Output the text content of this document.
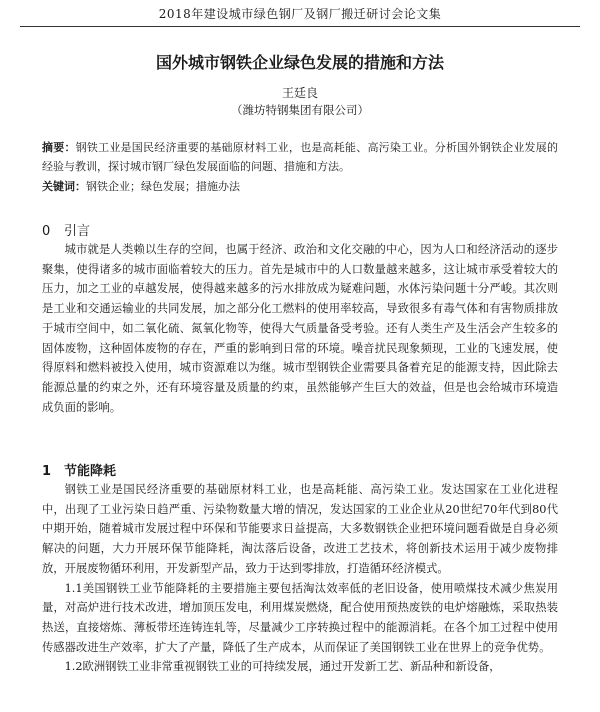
2018年建设城市绿色钢厂及钢厂搬迁研讨会论文集
国外城市钢铁企业绿色发展的措施和方法
王廷良
（潍坊特钢集团有限公司）
摘要：钢铁工业是国民经济重要的基础原材料工业，也是高耗能、高污染工业。分析国外钢铁企业发展的经验与教训，探讨城市钢厂绿色发展面临的问题、措施和方法。
关键词：钢铁企业；绿色发展；措施办法
0 引言

城市就是人类赖以生存的空间，也属于经济、政治和文化交融的中心，因为人口和经济活动的逐步聚集，使得诸多的城市面临着较大的压力。首先是城市中的人口数量越来越多，这让城市承受着较大的压力，加之工业的卓越发展，使得越来越多的污水排放成为疑难问题，水体污染问题十分严峻。其次则是工业和交通运输业的共同发展，加之部分化工燃料的使用率较高，导致很多有毒气体和有害物质排放于城市空间中，如二氧化硫、氮氧化物等，使得大气质量备受考验。还有人类生产及生活会产生较多的固体废物，这种固体废物的存在，严重的影响到日常的环境。噪音扰民现象频现，工业的飞速发展，使得原料和燃料被投入使用，城市资源难以为继。城市型钢铁企业需要具备着充足的能源支持，因此除去能源总量的约束之外，还有环境容量及质量的约束，虽然能够产生巨大的效益，但是也会给城市环境造成负面的影响。

1 节能降耗

钢铁工业是国民经济重要的基础原材料工业，也是高耗能、高污染工业。发达国家在工业化进程中，出现了工业污染日趋严重、污染物数量大增的情况，发达国家的工业企业从20世纪70年代到80代中期开始，随着城市发展过程中环保和节能要求日益提高，大多数钢铁企业把环境问题看做是自身必须解决的问题，大力开展环保节能降耗，淘汰落后设备，改进工艺技术，将创新技术运用于减少废物排放，开展废物循环利用，开发新型产品，致力于达到零排放，打造循环经济模式。

1.1美国钢铁工业节能降耗的主要措施主要包括淘汰效率低的老旧设备，使用喷煤技术减少焦炭用量，对高炉进行技术改进，增加顶压发电，利用煤炭燃烧，配合使用预热废铁的电炉熔融炼，采取热装热送，直接熔炼、薄板带坯连铸连轧等，尽量减少工序转换过程中的能源消耗。在各个加工过程中使用传感器改进生产效率，扩大了产量，降低了生产成本，从而保证了美国钢铁工业在世界上的竞争优势。

1.2欧洲钢铁工业非常重视钢铁工业的可持续发展，通过开发新工艺、新品种和新设备，
